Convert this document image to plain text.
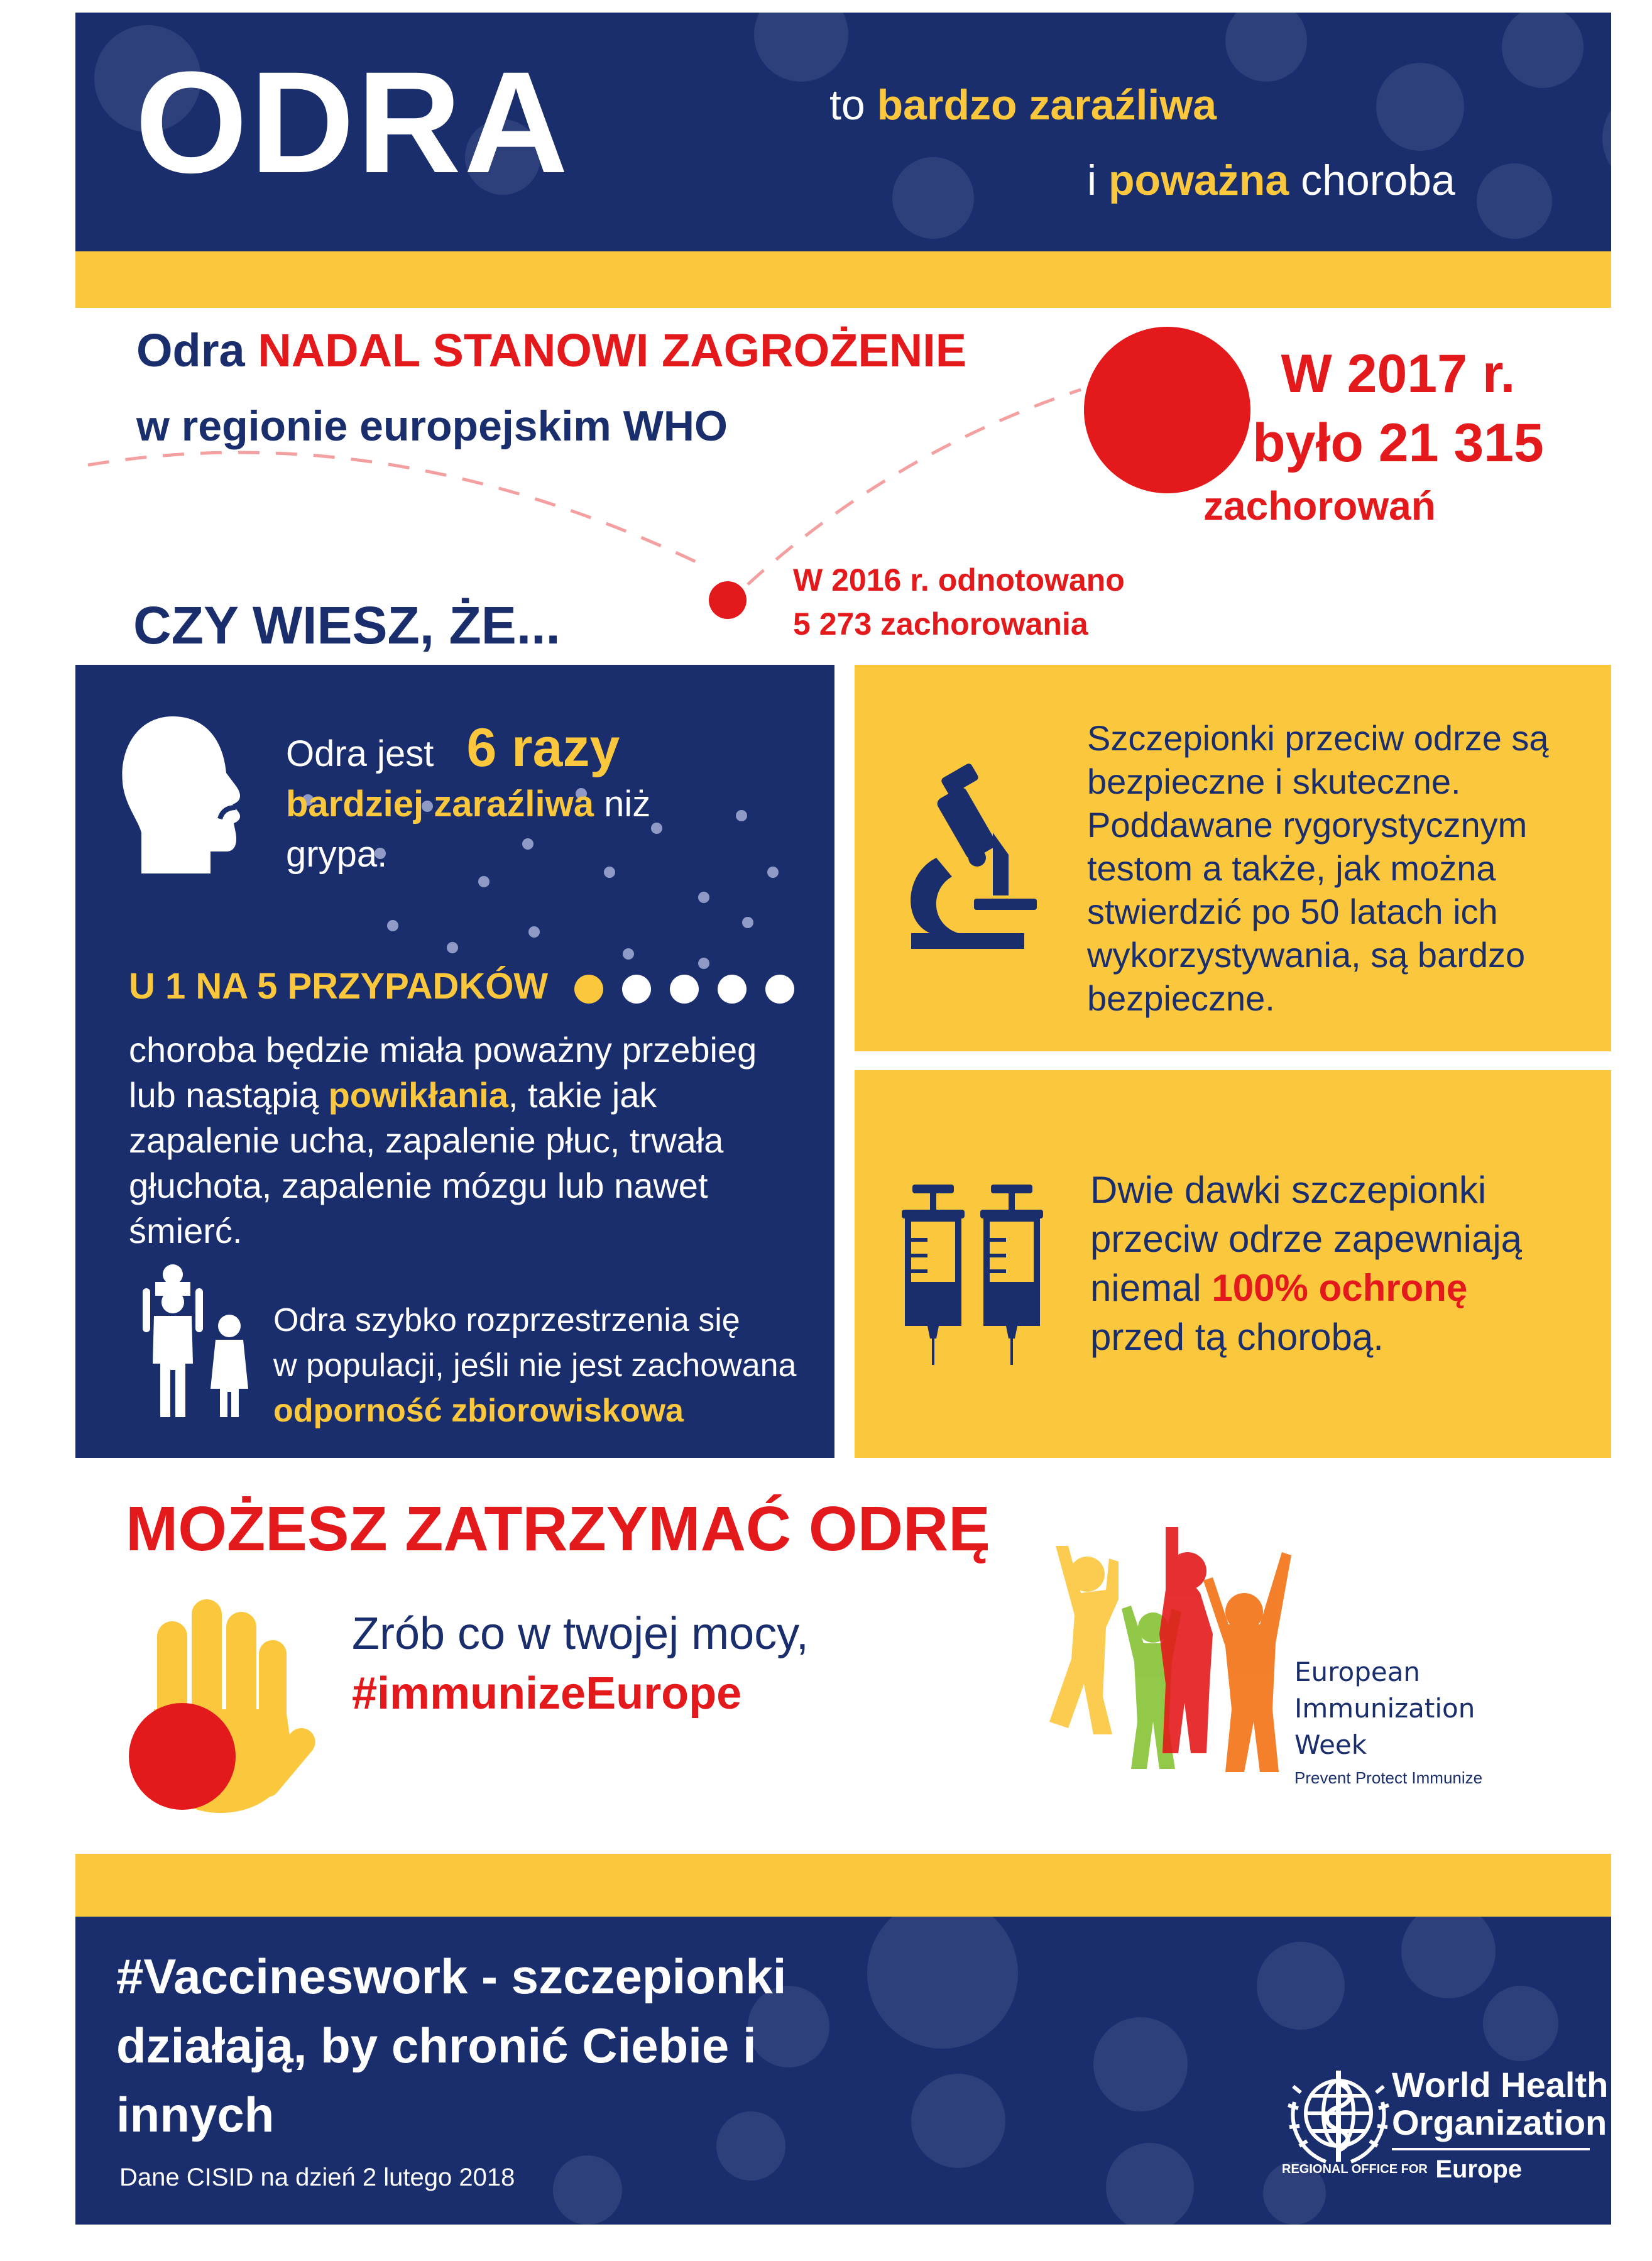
ODRA	to bardzo zaraźliwa
i poważna choroba
Odra NADAL STANOWI ZAGROŻENIE
w regionie europejskim WHO
W 2017 r.
było 21 315
zachorowań
W 2016 r. odnotowano
5 273 zachorowania
CZY WIESZ, ŻE...
Odra jest 6 razy
bardziej zaraźliwa niż
grypa.
U 1 NA 5 PRZYPADKÓW
choroba będzie miała poważny przebieg
lub nastąpią powikłania, takie jak
zapalenie ucha, zapalenie płuc, trwała
głuchota, zapalenie mózgu lub nawet
śmierć.
Odra szybko rozprzestrzenia się
w populacji, jeśli nie jest zachowana
odporność zbiorowiskowa
Szczepionki przeciw odrze są
bezpieczne i skuteczne.
Poddawane rygorystycznym
testom a także, jak można
stwierdzić po 50 latach ich
wykorzystywania, są bardzo
bezpieczne.
Dwie dawki szczepionki
przeciw odrze zapewniają
niemal 100% ochronę
przed tą chorobą.
MOŻESZ ZATRZYMAĆ ODRĘ
Zrób co w twojej mocy,
#immunizeEurope	European
Immunization
Week
Prevent Protect Immunize
#Vaccineswork - szczepionki
działają, by chronić Ciebie i
innych
Dane CISID na dzień 2 lutego 2018
World Health
Organization
REGIONAL OFFICE FOR Europe
